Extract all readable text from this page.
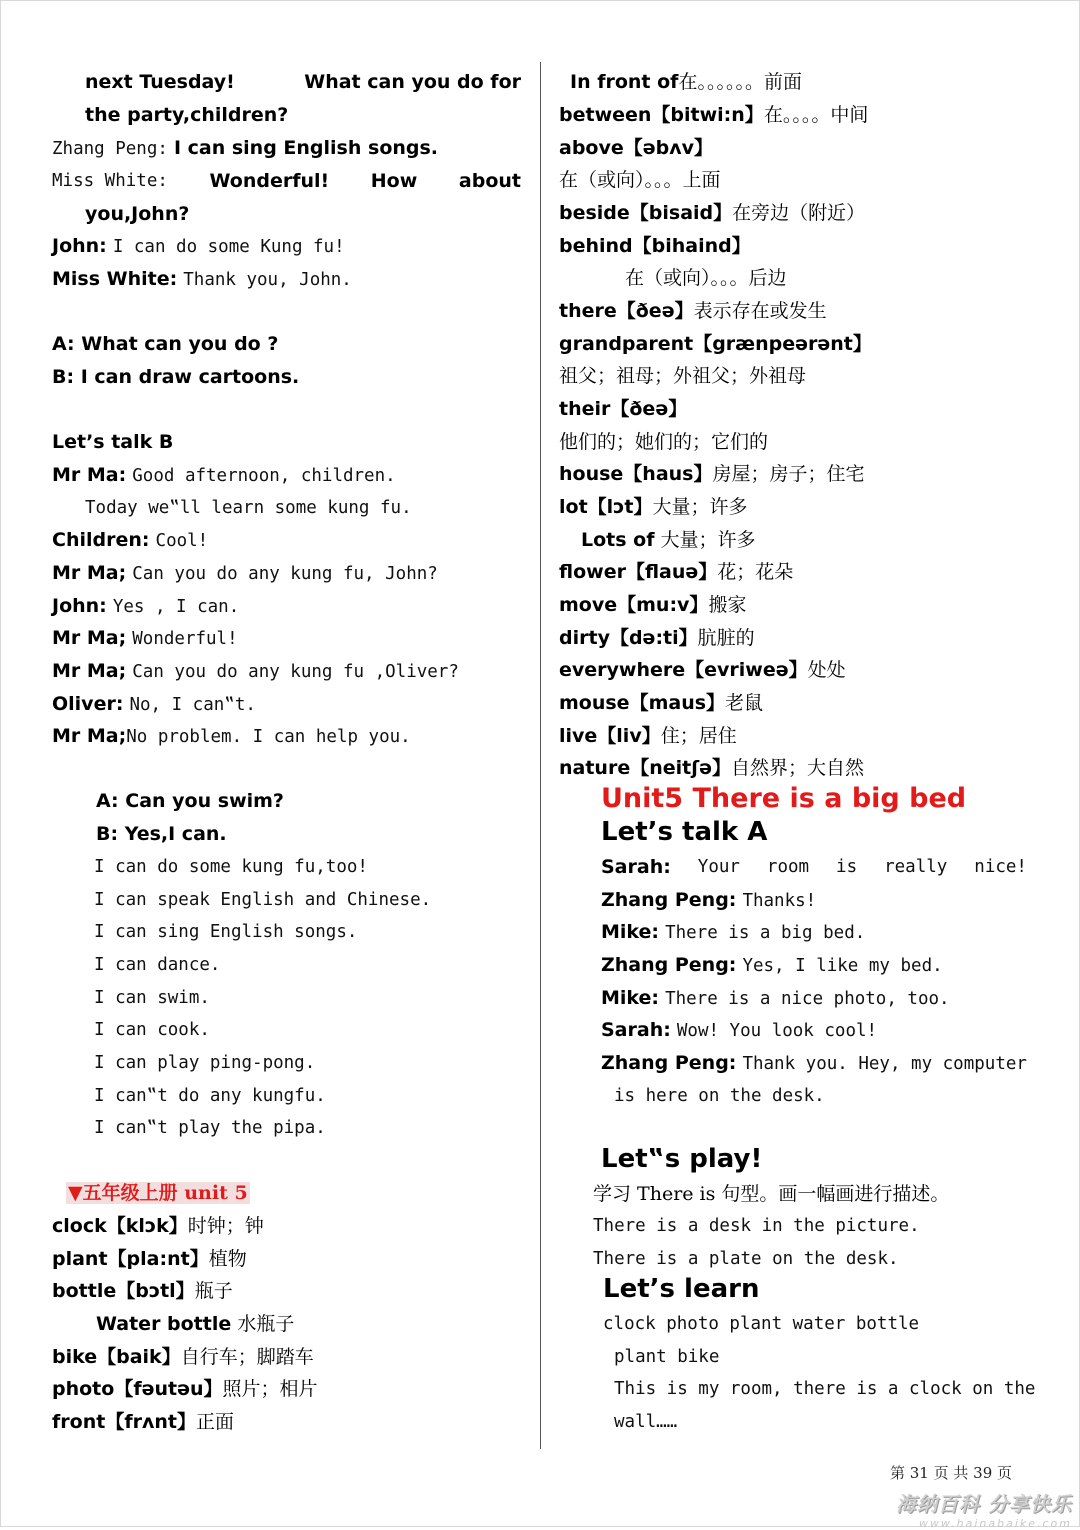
next Tuesday!	What can you do for
the party,children?
Zhang Peng: I can sing English songs.
Miss White: Wonderful! How about
you,John?
John: I can do some Kung fu!
Miss White: Thank you, John.
A: What can you do ?
B: I can draw cartoons.
Let’s talk B
Mr Ma: Good afternoon, children.
Today we‟ll learn some kung fu.
Children: Cool!
Mr Ma; Can you do any kung fu, John?
John: Yes , I can.
Mr Ma; Wonderful!
Mr Ma; Can you do any kung fu ,Oliver?
Oliver: No, I can‟t.
Mr Ma;No problem. I can help you.
A: Can you swim?
B: Yes,I can.
I can do some kung fu,too!
I can speak English and Chinese.
I can sing English songs.
I can dance.
I can swim.
I can cook.
I can play ping-pong.
I can‟t do any kungfu.
I can‟t play the pipa.
▼五年级上册 unit 5
clock【klɔk】时钟；钟
plant【pla:nt】植物
bottle【bɔtl】瓶子
Water bottle 水瓶子
bike【baik】自行车；脚踏车
photo【fəutəu】照片；相片
front【frʌnt】正面
In front of在。。。。。。前面
between【bitwi:n】在。。。。中间
above【əbʌv】
在（或向）。。。上面
beside【bisaid】在旁边（附近）
behind【bihaind】
在（或向）。。。后边
there【ðeə】表示存在或发生
grandparent【grænpeərənt】
祖父；祖母；外祖父；外祖母
their【ðeə】
他们的；她们的；它们的
house【haus】房屋；房子；住宅
lot【lɔt】大量；许多
Lots of 大量；许多
flower【flauə】花；花朵
move【mu:v】搬家
dirty【də:ti】肮脏的
everywhere【evriweə】处处
mouse【maus】老鼠
live【liv】住；居住
nature【neitʃə】自然界；大自然
Unit5 There is a big bed
Let’s talk A
Sarah: Your room is really nice!
Zhang Peng: Thanks!
Mike: There is a big bed.
Zhang Peng: Yes, I like my bed.
Mike: There is a nice photo, too.
Sarah: Wow! You look cool!
Zhang Peng: Thank you. Hey, my computer
is here on the desk.
Let‟s play!
学习 There is 句型。画一幅画进行描述。
There is a desk in the picture.
There is a plate on the desk.
Let’s learn
clock photo plant water bottle
plant bike
This is my room, there is a clock on the
wall……
第 31 页 共 39 页
海纳百科 分享快乐
www.hainabaike.com
